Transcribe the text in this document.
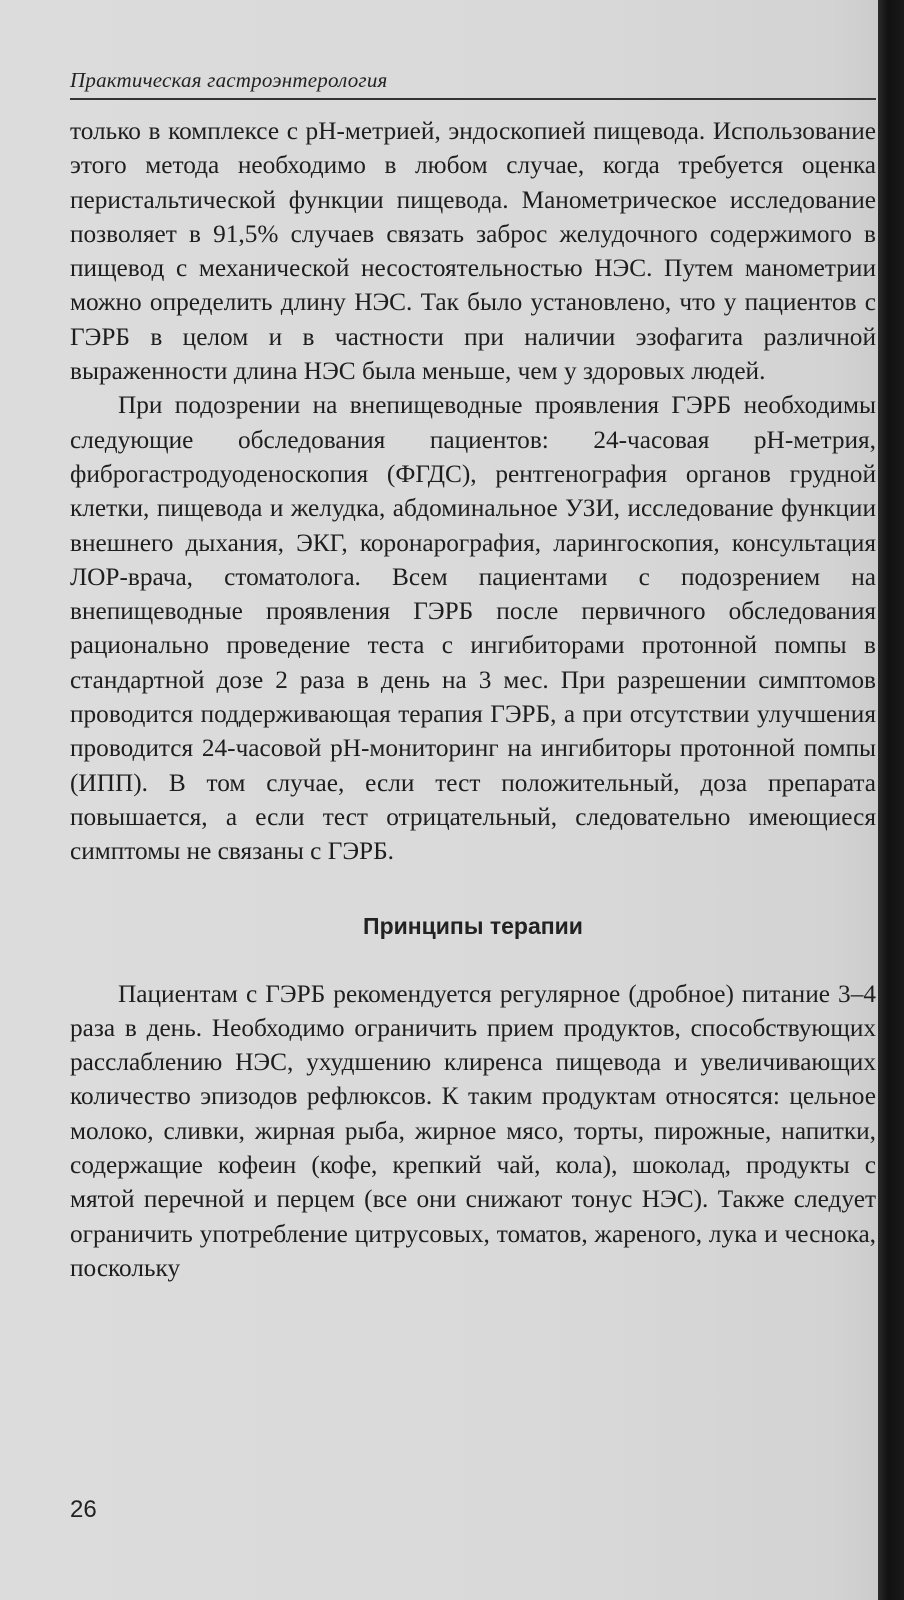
Практическая гастроэнтерология

только в комплексе с pH-метрией, эндоскопией пищевода. Использование этого метода необходимо в любом случае, когда требуется оценка перистальтической функции пищевода. Манометрическое исследование позволяет в 91,5% случаев связать заброс желудочного содержимого в пищевод с механической несостоятельностью НЭС. Путем манометрии можно определить длину НЭС. Так было установлено, что у пациентов с ГЭРБ в целом и в частности при наличии эзофагита различной выраженности длина НЭС была меньше, чем у здоровых людей.

При подозрении на внепищеводные проявления ГЭРБ необходимы следующие обследования пациентов: 24-часовая pH-метрия, фиброгастродуоденоскопия (ФГДС), рентгенография органов грудной клетки, пищевода и желудка, абдоминальное УЗИ, исследование функции внешнего дыхания, ЭКГ, коронарография, ларингоскопия, консультация ЛОР-врача, стоматолога. Всем пациентами с подозрением на внепищеводные проявления ГЭРБ после первичного обследования рационально проведение теста с ингибиторами протонной помпы в стандартной дозе 2 раза в день на 3 мес. При разрешении симптомов проводится поддерживающая терапия ГЭРБ, а при отсутствии улучшения проводится 24-часовой pH-мониторинг на ингибиторы протонной помпы (ИПП). В том случае, если тест положительный, доза препарата повышается, а если тест отрицательный, следовательно имеющиеся симптомы не связаны с ГЭРБ.

Принципы терапии

Пациентам с ГЭРБ рекомендуется регулярное (дробное) питание 3–4 раза в день. Необходимо ограничить прием продуктов, способствующих расслаблению НЭС, ухудшению клиренса пищевода и увеличивающих количество эпизодов рефлюксов. К таким продуктам относятся: цельное молоко, сливки, жирная рыба, жирное мясо, торты, пирожные, напитки, содержащие кофеин (кофе, крепкий чай, кола), шоколад, продукты с мятой перечной и перцем (все они снижают тонус НЭС). Также следует ограничить употребление цитрусовых, томатов, жареного, лука и чеснока, поскольку

26
